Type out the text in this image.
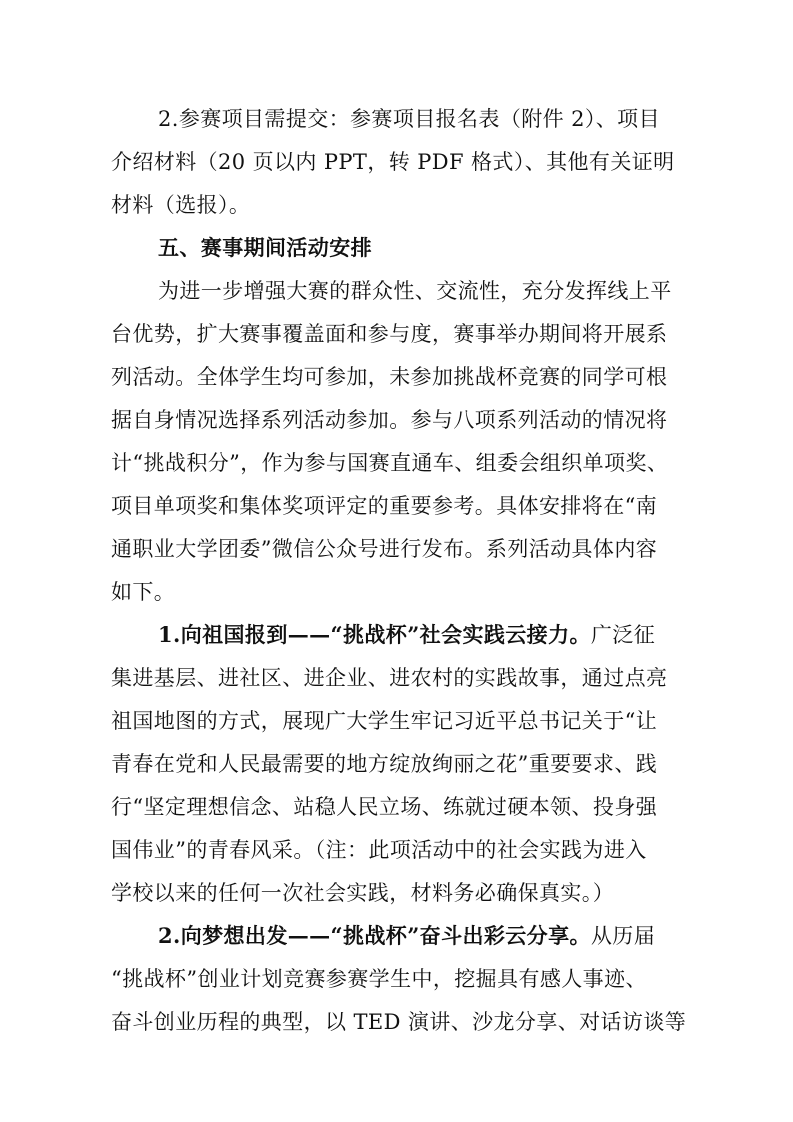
2.参赛项目需提交：参赛项目报名表（附件 2）、项目
介绍材料（20 页以内 PPT，转 PDF 格式）、其他有关证明
材料（选报）。
五、赛事期间活动安排
为进一步增强大赛的群众性、交流性，充分发挥线上平
台优势，扩大赛事覆盖面和参与度，赛事举办期间将开展系
列活动。全体学生均可参加，未参加挑战杯竞赛的同学可根
据自身情况选择系列活动参加。参与八项系列活动的情况将
计“挑战积分”，作为参与国赛直通车、组委会组织单项奖、
项目单项奖和集体奖项评定的重要参考。具体安排将在“南
通职业大学团委”微信公众号进行发布。系列活动具体内容
如下。
1.向祖国报到——“挑战杯”社会实践云接力。广泛征
集进基层、进社区、进企业、进农村的实践故事，通过点亮
祖国地图的方式，展现广大学生牢记习近平总书记关于“让
青春在党和人民最需要的地方绽放绚丽之花”重要要求、践
行“坚定理想信念、站稳人民立场、练就过硬本领、投身强
国伟业”的青春风采。（注：此项活动中的社会实践为进入
学校以来的任何一次社会实践，材料务必确保真实。）
2.向梦想出发——“挑战杯”奋斗出彩云分享。从历届
“挑战杯”创业计划竞赛参赛学生中，挖掘具有感人事迹、
奋斗创业历程的典型，以 TED 演讲、沙龙分享、对话访谈等
